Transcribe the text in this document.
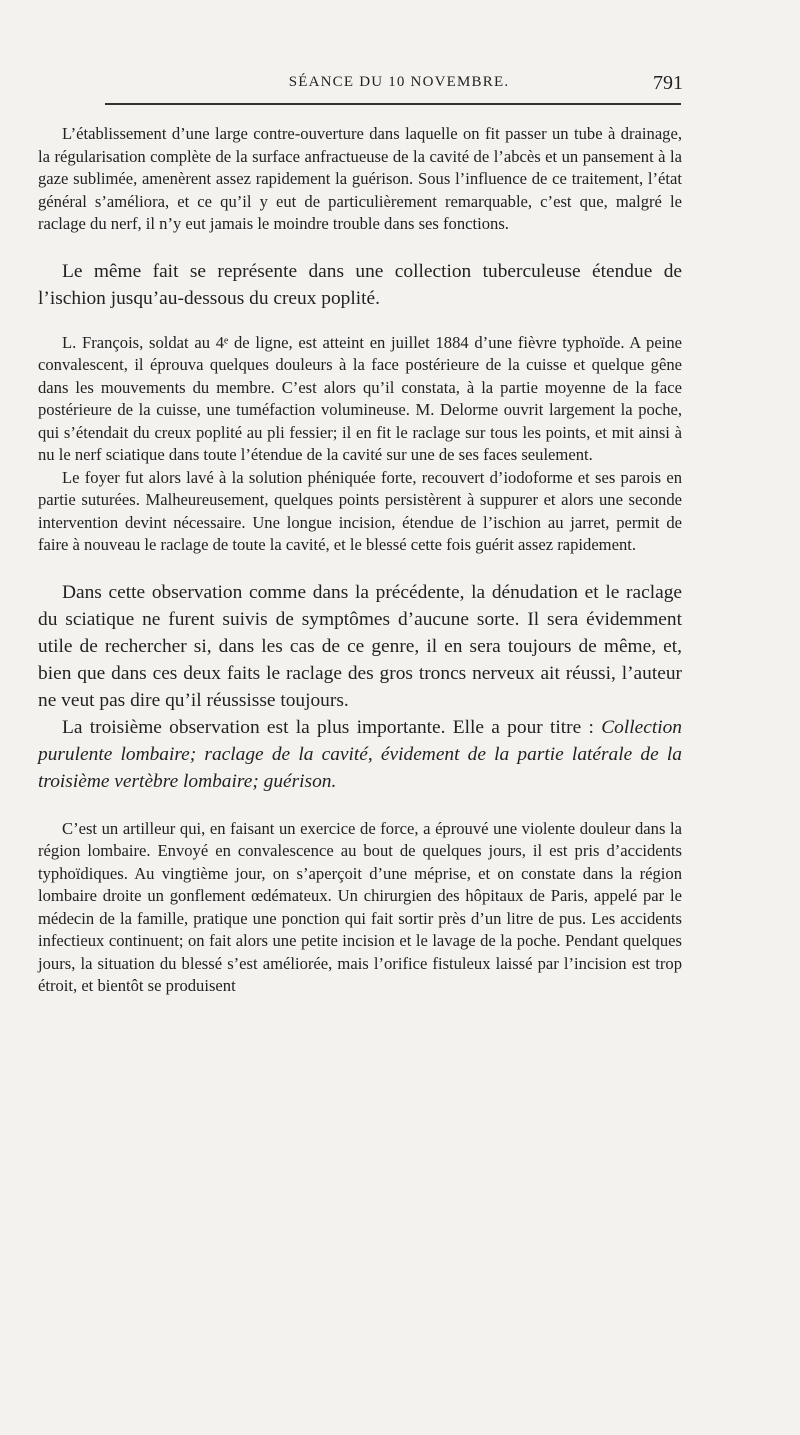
SÉANCE DU 10 NOVEMBRE.	791

L’établissement d’une large contre-ouverture dans laquelle on fit passer un tube à drainage, la régularisation complète de la surface anfractueuse de la cavité de l’abcès et un pansement à la gaze sublimée, amenèrent assez rapidement la guérison. Sous l’influence de ce traitement, l’état général s’améliora, et ce qu’il y eut de particulièrement remarquable, c’est que, malgré le raclage du nerf, il n’y eut jamais le moindre trouble dans ses fonctions.

Le même fait se représente dans une collection tuberculeuse étendue de l’ischion jusqu’au-dessous du creux poplité.

L. François, soldat au 4ᵉ de ligne, est atteint en juillet 1884 d’une fièvre typhoïde. A peine convalescent, il éprouva quelques douleurs à la face postérieure de la cuisse et quelque gêne dans les mouvements du membre. C’est alors qu’il constata, à la partie moyenne de la face postérieure de la cuisse, une tuméfaction volumineuse. M. Delorme ouvrit largement la poche, qui s’étendait du creux poplité au pli fessier; il en fit le raclage sur tous les points, et mit ainsi à nu le nerf sciatique dans toute l’étendue de la cavité sur une de ses faces seulement.

Le foyer fut alors lavé à la solution phéniquée forte, recouvert d’iodoforme et ses parois en partie suturées. Malheureusement, quelques points persistèrent à suppurer et alors une seconde intervention devint nécessaire. Une longue incision, étendue de l’ischion au jarret, permit de faire à nouveau le raclage de toute la cavité, et le blessé cette fois guérit assez rapidement.

Dans cette observation comme dans la précédente, la dénudation et le raclage du sciatique ne furent suivis de symptômes d’aucune sorte. Il sera évidemment utile de rechercher si, dans les cas de ce genre, il en sera toujours de même, et, bien que dans ces deux faits le raclage des gros troncs nerveux ait réussi, l’auteur ne veut pas dire qu’il réussisse toujours.

La troisième observation est la plus importante. Elle a pour titre : Collection purulente lombaire; raclage de la cavité, évidement de la partie latérale de la troisième vertèbre lombaire; guérison.

C’est un artilleur qui, en faisant un exercice de force, a éprouvé une violente douleur dans la région lombaire. Envoyé en convalescence au bout de quelques jours, il est pris d’accidents typhoïdiques. Au vingtième jour, on s’aperçoit d’une méprise, et on constate dans la région lombaire droite un gonflement œdémateux. Un chirurgien des hôpitaux de Paris, appelé par le médecin de la famille, pratique une ponction qui fait sortir près d’un litre de pus. Les accidents infectieux continuent; on fait alors une petite incision et le lavage de la poche. Pendant quelques jours, la situation du blessé s’est améliorée, mais l’orifice fistuleux laissé par l’incision est trop étroit, et bientôt se produisent
